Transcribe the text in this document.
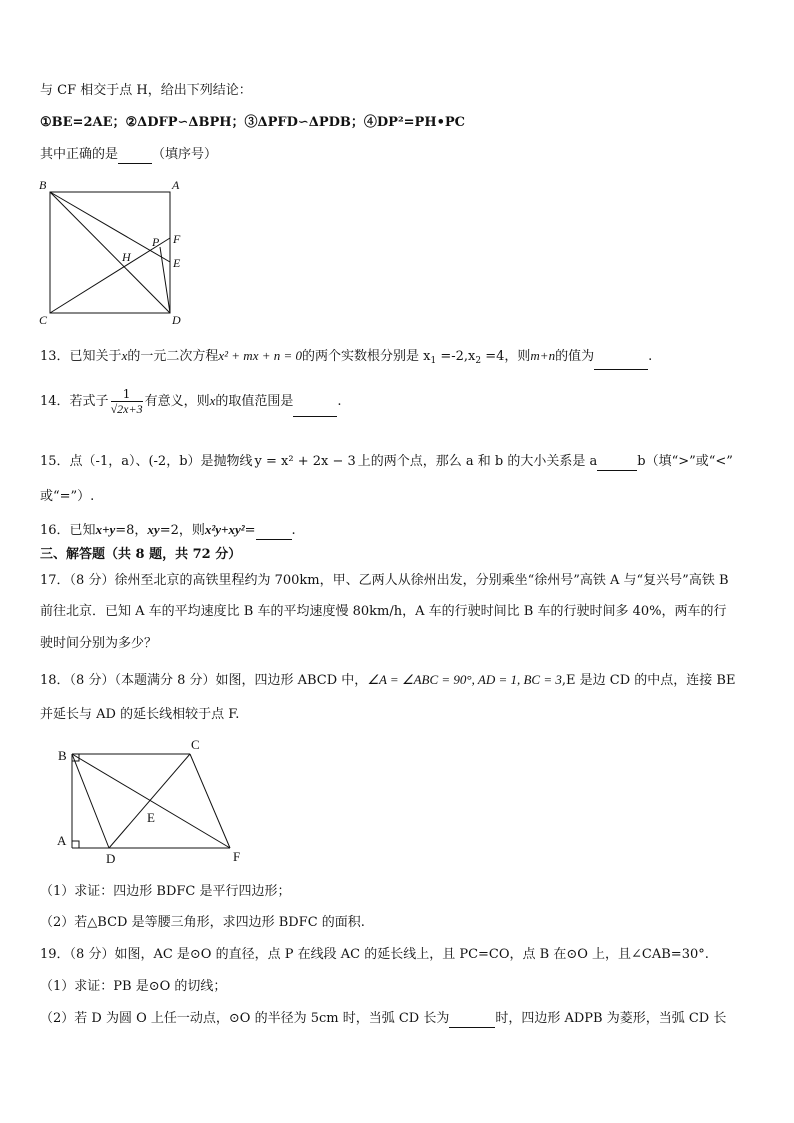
与 CF 相交于点 H，给出下列结论：
①BE=2AE；②ΔDFP∽ΔBPH；③ΔPFD∽ΔPDB；④DP²=PH•PC
其中正确的是	（填序号）
B	A
C	D
P F
E
H
13．已知关于x的一元二次方程x² + mx + n = 0的两个实数根分别是 $x_1 =-2,x_2 =4$，则m+n的值为	.
14．若式子 $\frac{1}{√2x+3}$ 有意义，则x的取值范围是	.
15．点（-1，a）、(-2，b）是抛物线 y = x² + 2x − 3 上的两个点，那么 a 和 b 的大小关系是 a	b（填“>”或“<”
或“=”）.
16．已知x+y=8，xy=2，则x²y+xy²=	.
三、解答题（共 8 题，共 72 分）
17．（8 分）徐州至北京的高铁里程约为 700km，甲、乙两人从徐州出发，分别乘坐“徐州号”高铁 A 与“复兴号”高铁 B
前往北京．已知 A 车的平均速度比 B 车的平均速度慢 80km/h，A 车的行驶时间比 B 车的行驶时间多 40%，两车的行
驶时间分别为多少？
18．（8 分）（本题满分 8 分）如图，四边形 ABCD 中，∠A = ∠ABC = 90°, AD = 1, BC = 3,E 是边 CD 的中点，连接 BE
并延长与 AD 的延长线相较于点 F.
B
C
E
A
D	F
（1）求证：四边形 BDFC 是平行四边形；
（2）若△BCD 是等腰三角形，求四边形 BDFC 的面积.
19．（8 分）如图，AC 是⊙O 的直径，点 P 在线段 AC 的延长线上，且 PC=CO，点 B 在⊙O 上，且∠CAB=30°.
（1）求证：PB 是⊙O 的切线；
（2）若 D 为圆 O 上任一动点，⊙O 的半径为 5cm 时，当弧 CD 长为	时，四边形 ADPB 为菱形，当弧 CD 长
